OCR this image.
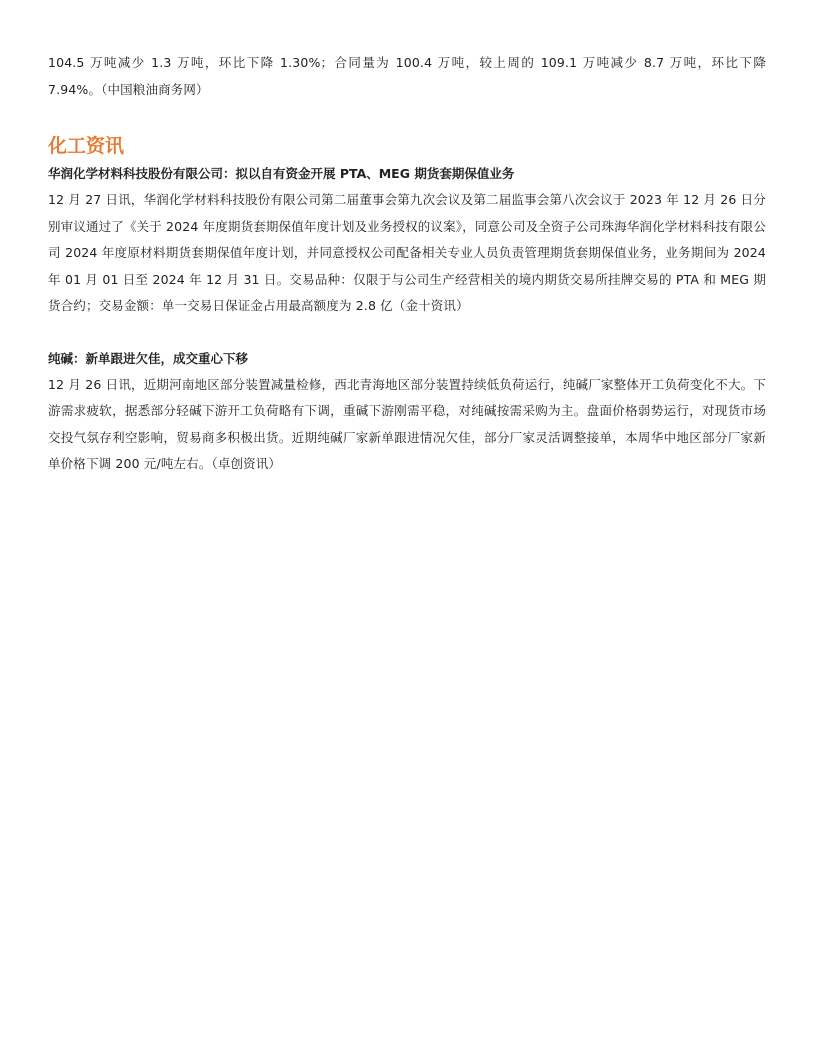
104.5 万吨减少 1.3 万吨，环比下降 1.30%；合同量为 100.4 万吨，较上周的 109.1 万吨减少 8.7 万吨，环比下降 7.94%。（中国粮油商务网）

化工资讯
华润化学材料科技股份有限公司：拟以自有资金开展 PTA、MEG 期货套期保值业务

12 月 27 日讯，华润化学材料科技股份有限公司第二届董事会第九次会议及第二届监事会第八次会议于 2023 年 12 月 26 日分别审议通过了《关于 2024 年度期货套期保值年度计划及业务授权的议案》，同意公司及全资子公司珠海华润化学材料科技有限公司 2024 年度原材料期货套期保值年度计划，并同意授权公司配备相关专业人员负责管理期货套期保值业务，业务期间为 2024 年 01 月 01 日至 2024 年 12 月 31 日。交易品种：仅限于与公司生产经营相关的境内期货交易所挂牌交易的 PTA 和 MEG 期货合约；交易金额：单一交易日保证金占用最高额度为 2.8 亿（金十资讯）

纯碱：新单跟进欠佳，成交重心下移

12 月 26 日讯，近期河南地区部分装置减量检修，西北青海地区部分装置持续低负荷运行，纯碱厂家整体开工负荷变化不大。下游需求疲软，据悉部分轻碱下游开工负荷略有下调，重碱下游刚需平稳，对纯碱按需采购为主。盘面价格弱势运行，对现货市场交投气氛存利空影响，贸易商多积极出货。近期纯碱厂家新单跟进情况欠佳，部分厂家灵活调整接单，本周华中地区部分厂家新单价格下调 200 元/吨左右。（卓创资讯）
